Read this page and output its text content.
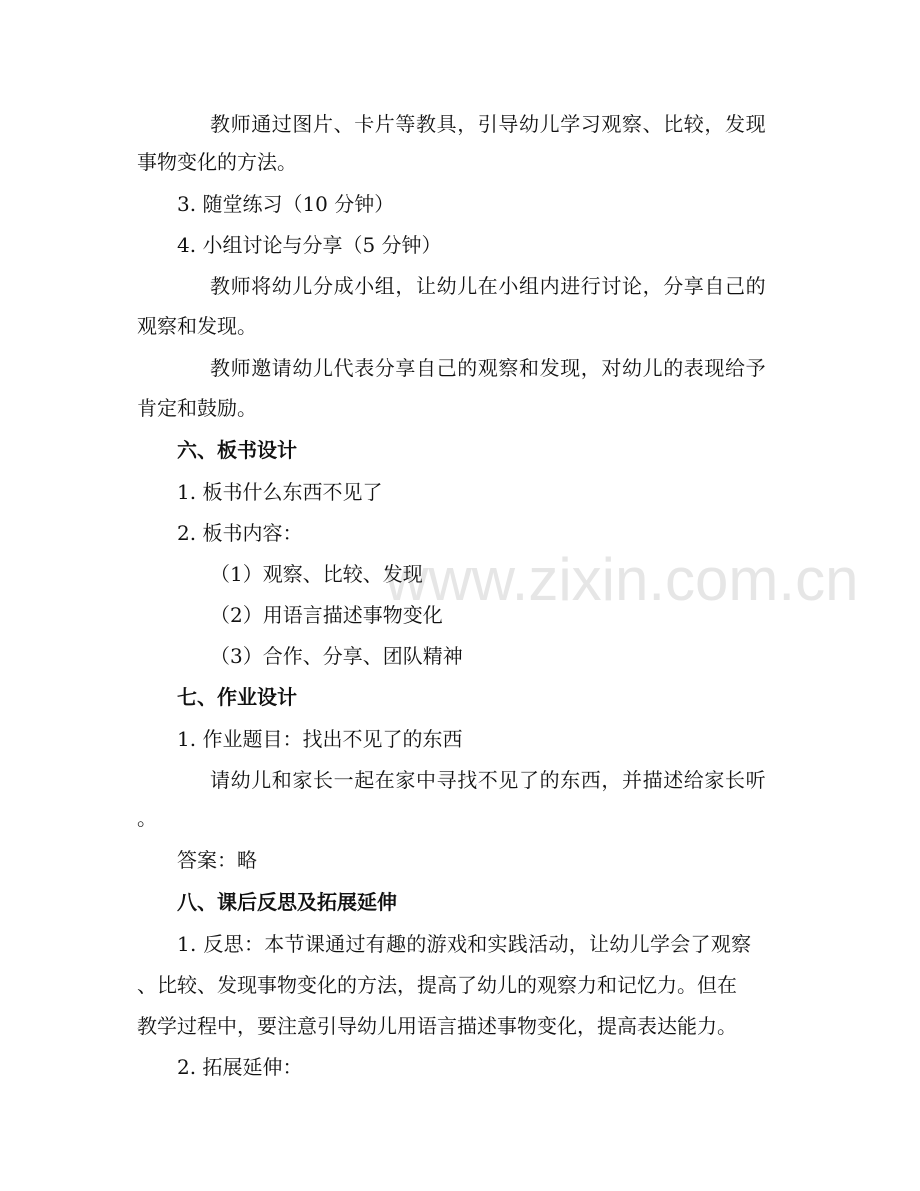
www.zixin.com.cn
教师通过图片、卡片等教具，引导幼儿学习观察、比较，发现
事物变化的方法。
3. 随堂练习（10 分钟）
4. 小组讨论与分享（5 分钟）
教师将幼儿分成小组，让幼儿在小组内进行讨论，分享自己的
观察和发现。
教师邀请幼儿代表分享自己的观察和发现，对幼儿的表现给予
肯定和鼓励。
六、板书设计
1. 板书什么东西不见了
2. 板书内容：
（1）观察、比较、发现
（2）用语言描述事物变化
（3）合作、分享、团队精神
七、作业设计
1. 作业题目：找出不见了的东西
请幼儿和家长一起在家中寻找不见了的东西，并描述给家长听
。
答案：略
八、课后反思及拓展延伸
1. 反思：本节课通过有趣的游戏和实践活动，让幼儿学会了观察
、比较、发现事物变化的方法，提高了幼儿的观察力和记忆力。但在
教学过程中，要注意引导幼儿用语言描述事物变化，提高表达能力。
2. 拓展延伸：
